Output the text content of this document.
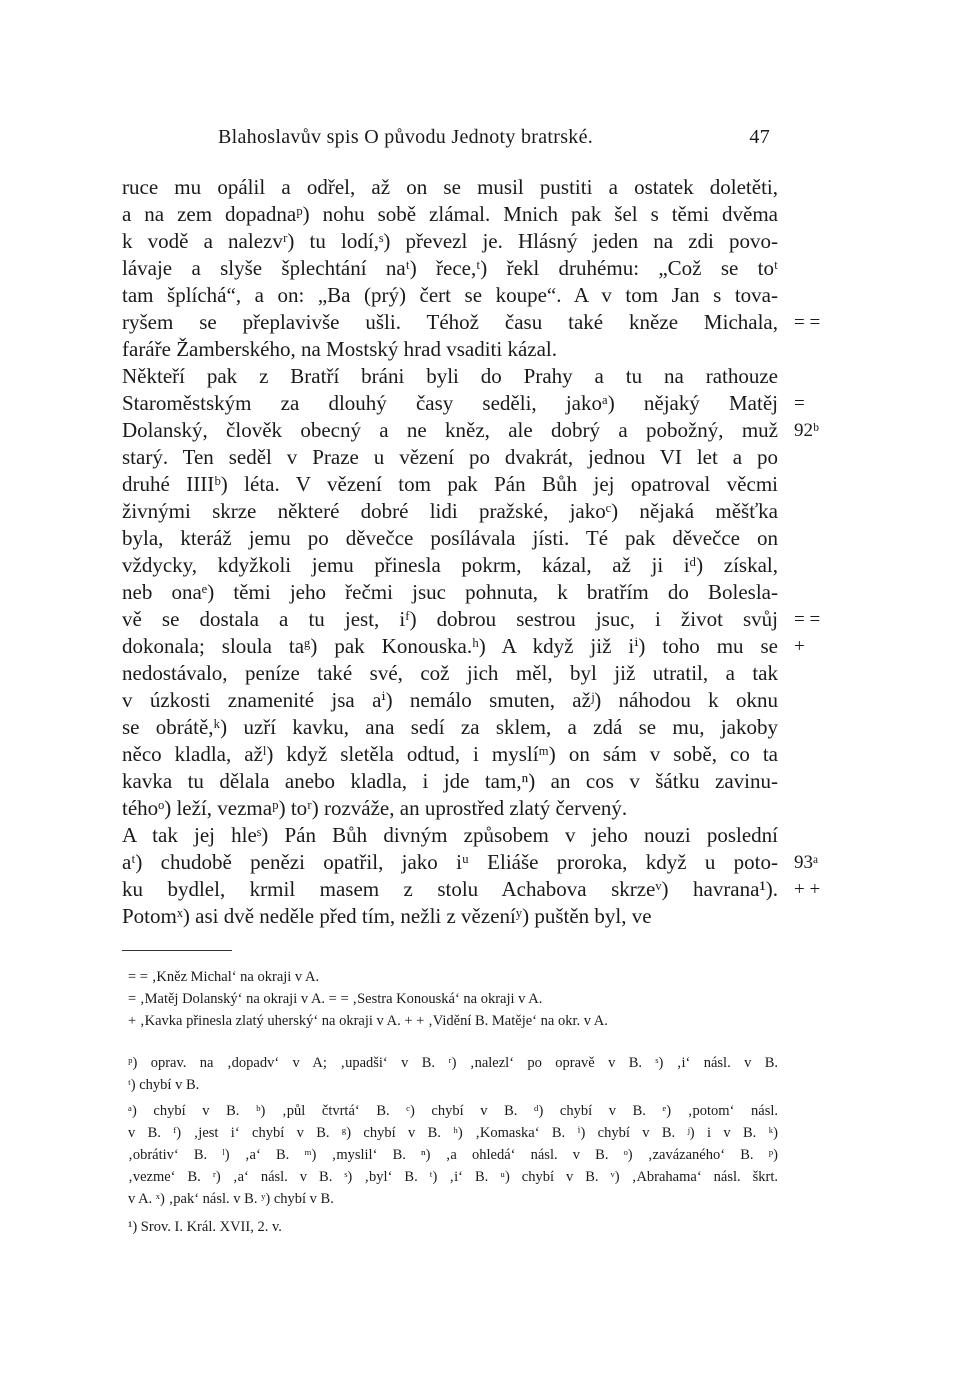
Blahoslavův spis O původu Jednoty bratrské.	47
ruce mu opálil a odřel, až on se musil pustiti a ostatek doletěti,
a na zem dopadnaᵖ) nohu sobě zlámal. Mnich pak šel s těmi dvěma
k vodě a nalezvʳ) tu lodí,ˢ) převezl je. Hlásný jeden na zdi povo-
lávaje a slyše šplechtání naᵗ) řece,ᵗ) řekl druhému: „Což se toᵗ
tam šplíchá“, a on: „Ba (prý) čert se koupe“. A v tom Jan s tova-
ryšem se přeplavivše ušli. Téhož času také kněze Michala, = =
faráře Žamberského, na Mostský hrad vsaditi kázal.
Někteří pak z Bratří bráni byli do Prahy a tu na rathouze
Staroměstským za dlouhý časy seděli, jakoᵃ) nějaký Matěj =
Dolanský, člověk obecný a ne kněz, ale dobrý a pobožný, muž 92ᵇ
starý. Ten seděl v Praze u vězení po dvakrát, jednou VI let a po
druhé IIIIᵇ) léta. V vězení tom pak Pán Bůh jej opatroval věcmi
živnými skrze některé dobré lidi pražské, jakoᶜ) nějaká měšťka
byla, kteráž jemu po děvečce posílávala jísti. Té pak děvečce on
vždycky, kdyžkoli jemu přinesla pokrm, kázal, až ji iᵈ) získal,
neb onaᵉ) těmi jeho řečmi jsuc pohnuta, k bratřím do Bolesla-
vě se dostala a tu jest, iᶠ) dobrou sestrou jsuc, i život svůj = =
dokonala; sloula taᵍ) pak Konouska.ʰ) A když již iⁱ) toho mu se +
nedostávalo, peníze také své, což jich měl, byl již utratil, a tak
v úzkosti znamenité jsa aⁱ) nemálo smuten, ažʲ) náhodou k oknu
se obrátě,ᵏ) uzří kavku, ana sedí za sklem, a zdá se mu, jakoby
něco kladla, ažˡ) když sletěla odtud, i myslíᵐ) on sám v sobě, co ta
kavka tu dělala anebo kladla, i jde tam,ⁿ) an cos v šátku zavinu-
téhoᵒ) leží, vezmaᵖ) toʳ) rozváže, an uprostřed zlatý červený.
A tak jej hleˢ) Pán Bůh divným způsobem v jeho nouzi poslední
aᵗ) chudobě penězi opatřil, jako iᵘ Eliáše proroka, když u poto- 93ᵃ
ku bydlel, krmil masem z stolu Achabova skrzeᵛ) havrana¹). + +
Potomˣ) asi dvě neděle před tím, nežli z vězeníʸ) puštěn byl, ve
= = ‚Kněz Michal‘ na okraji v A.
= ‚Matěj Dolanský‘ na okraji v A. = = ‚Sestra Konouská‘ na okraji v A.
+ ‚Kavka přinesla zlatý uherský‘ na okraji v A. + + ‚Vidění B. Matěje‘ na okr. v A.
ᵖ) oprav. na ‚dopadv‘ v A; ‚upadši‘ v B. ʳ) ‚nalezl‘ po opravě v B. ˢ) ‚i‘ násl. v B.
ᵗ) chybí v B.
ᵃ) chybí v B. ᵇ) ‚půl čtvrtá‘ B. ᶜ) chybí v B. ᵈ) chybí v B. ᵉ) ‚potom‘ násl.
v B. ᶠ) ‚jest i‘ chybí v B. ᵍ) chybí v B. ʰ) ‚Komaska‘ B. ⁱ) chybí v B. ʲ) i v B. ᵏ)
‚obrátiv‘ B. ˡ) ‚a‘ B. ᵐ) ‚myslil‘ B. ⁿ) ‚a ohledá‘ násl. v B. ᵒ) ‚zavázaného‘ B. ᵖ)
‚vezme‘ B. ʳ) ‚a‘ násl. v B. ˢ) ‚byl‘ B. ᵗ) ‚i‘ B. ᵘ) chybí v B. ᵛ) ‚Abrahama‘ násl. škrt.
v A. ˣ) ‚pak‘ násl. v B. ʸ) chybí v B.
¹) Srov. I. Král. XVII, 2. v.
